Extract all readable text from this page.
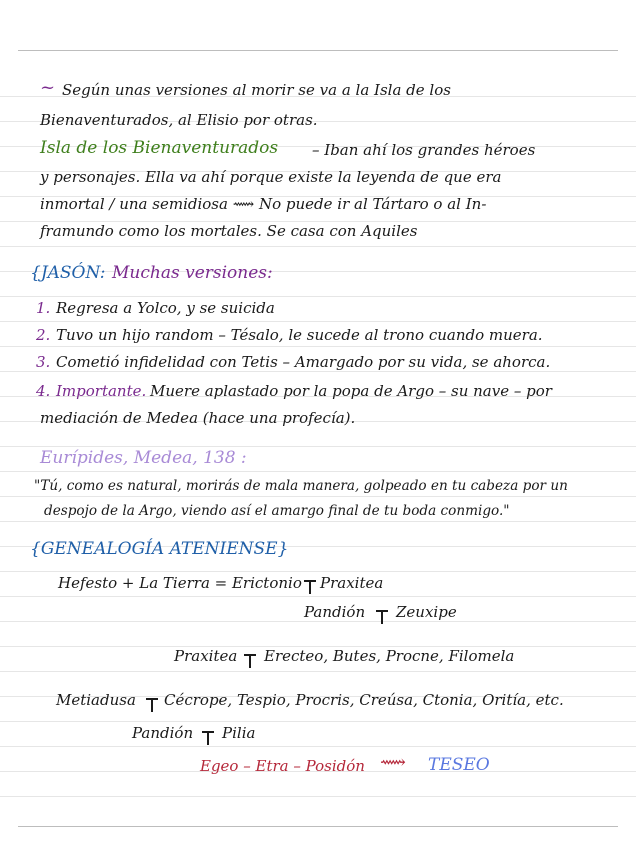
~ Según unas versiones al morir se va a la Isla de los
Bienaventurados, al Elisio por otras.
Isla de los Bienaventurados – Iban ahí los grandes héroes
y personajes. Ella va ahí porque existe la leyenda de que era
inmortal / una semidiosa ⟿ No puede ir al Tártaro o al In-
framundo como los mortales. Se casa con Aquiles
{JASÓN: Muchas versiones:
1. Regresa a Yolco, y se suicida
2. Tuvo un hijo random – Tésalo, le sucede al trono cuando muera.
3. Cometió infidelidad con Tetis – Amargado por su vida, se ahorca.
4. Importante. Muere aplastado por la popa de Argo – su nave – por
mediación de Medea (hace una profecía).
Eurípides, Medea, 138 :
"Tú, como es natural, morirás de mala manera, golpeado en tu cabeza por un
despojo de la Argo, viendo así el amargo final de tu boda conmigo."
{GENEALOGÍA ATENIENSE}
Hefesto + La Tierra = Erictonio Praxitea
Pandión Zeuxipe
Praxitea Erecteo, Butes, Procne, Filomela
Metiadusa Cécrope, Tespio, Procris, Creúsa, Ctonia, Oritía, etc.
Pandión Pilia
Egeo – Etra – Posidón ⟿ TESEO
